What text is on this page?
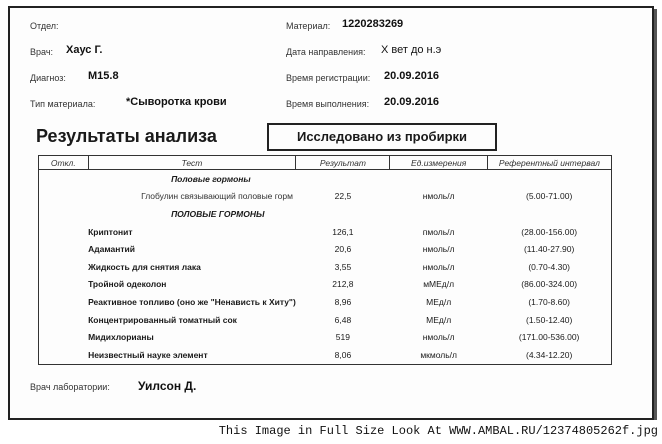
Отдел:
Врач: Хаус Г.
Диагноз: M15.8
Тип материала:	*Сыворотка крови
Материал: 1220283269
Дата направления: Х вет до н.э
Время регистрации: 20.09.2016
Время выполнения: 20.09.2016
Результаты анализа	Исследовано из пробирки
Откл.	Тест	Результат	Ед.измерения	Референтный интервал
	Половые гормоны			
	Глобулин связывающий половые горм	22,5	нмоль/л	(5.00-71.00)
	ПОЛОВЫЕ ГОРМОНЫ			
	Криптонит	126,1	пмоль/л	(28.00-156.00)
	Адамантий	20,6	нмоль/л	(11.40-27.90)
	Жидкость для снятия лака	3,55	нмоль/л	(0.70-4.30)
	Тройной одеколон	212,8	мМЕд/л	(86.00-324.00)
	Реактивное топливо (оно же "Ненависть к Хиту")	8,96	МЕд/л	(1.70-8.60)
	Концентрированный томатный сок	6,48	МЕд/л	(1.50-12.40)
	Мидихлорианы	519	нмоль/л	(171.00-536.00)
	Неизвестный науке элемент	8,06	мкмоль/л	(4.34-12.20)
Врач лаборатории: Уилсон Д.
This Image in Full Size Look At WWW.AMBAL.RU/12374805262f.jpg
